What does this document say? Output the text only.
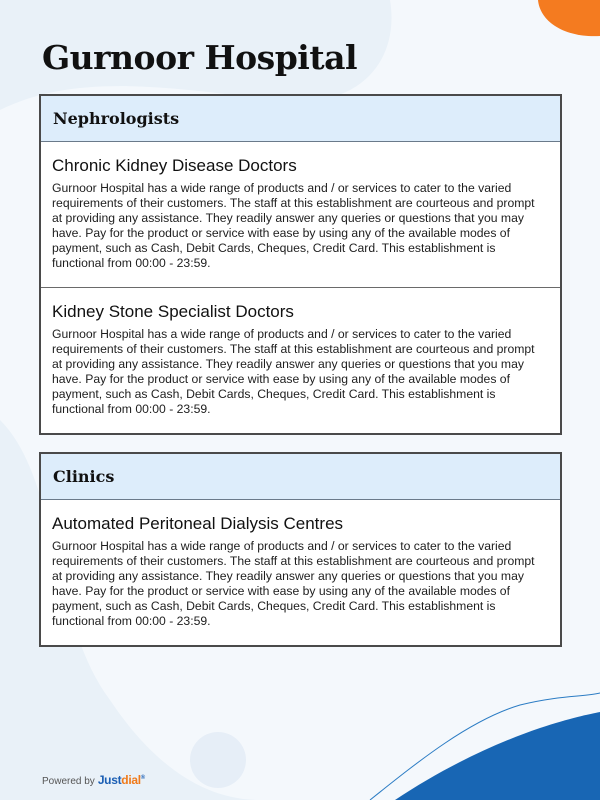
Gurnoor Hospital
Nephrologists

Chronic Kidney Disease Doctors

Gurnoor Hospital has a wide range of products and / or services to cater to the varied requirements of their customers. The staff at this establishment are courteous and prompt at providing any assistance. They readily answer any queries or questions that you may have. Pay for the product or service with ease by using any of the available modes of payment, such as Cash, Debit Cards, Cheques, Credit Card. This establishment is functional from 00:00 - 23:59.

Kidney Stone Specialist Doctors

Gurnoor Hospital has a wide range of products and / or services to cater to the varied requirements of their customers. The staff at this establishment are courteous and prompt at providing any assistance. They readily answer any queries or questions that you may have. Pay for the product or service with ease by using any of the available modes of payment, such as Cash, Debit Cards, Cheques, Credit Card. This establishment is functional from 00:00 - 23:59.

Clinics

Automated Peritoneal Dialysis Centres

Gurnoor Hospital has a wide range of products and / or services to cater to the varied requirements of their customers. The staff at this establishment are courteous and prompt at providing any assistance. They readily answer any queries or questions that you may have. Pay for the product or service with ease by using any of the available modes of payment, such as Cash, Debit Cards, Cheques, Credit Card. This establishment is functional from 00:00 - 23:59.

Powered by Justdial®
